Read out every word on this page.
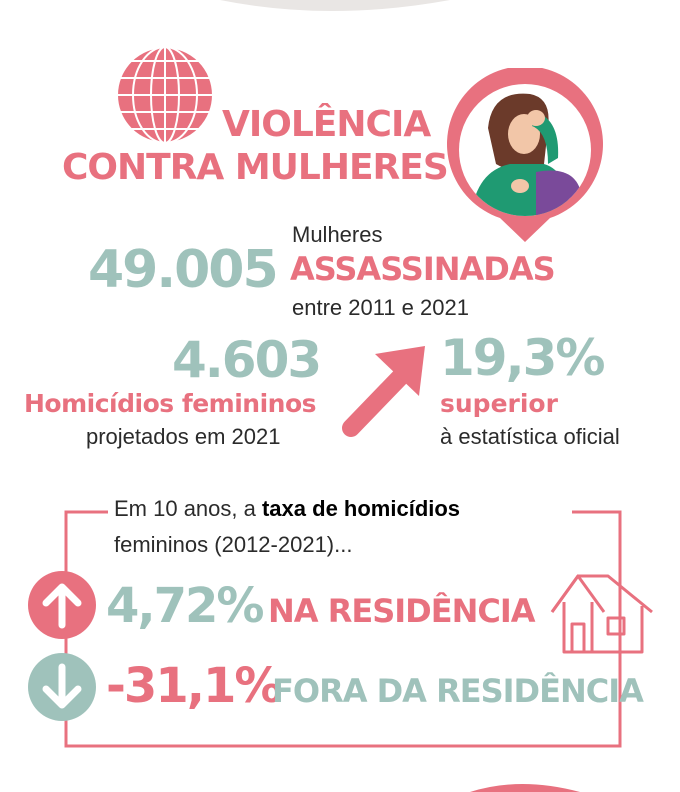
VIOLÊNCIA
CONTRA MULHERES
49.005
Mulheres
ASSASSINADAS
entre 2011 e 2021
4.603
Homicídios femininos
projetados em 2021
19,3%
superior
à estatística oficial
Em 10 anos, a taxa de homicídios
femininos (2012-2021)...
4,72% NA RESIDÊNCIA
-31,1%
FORA DA RESIDÊNCIA
